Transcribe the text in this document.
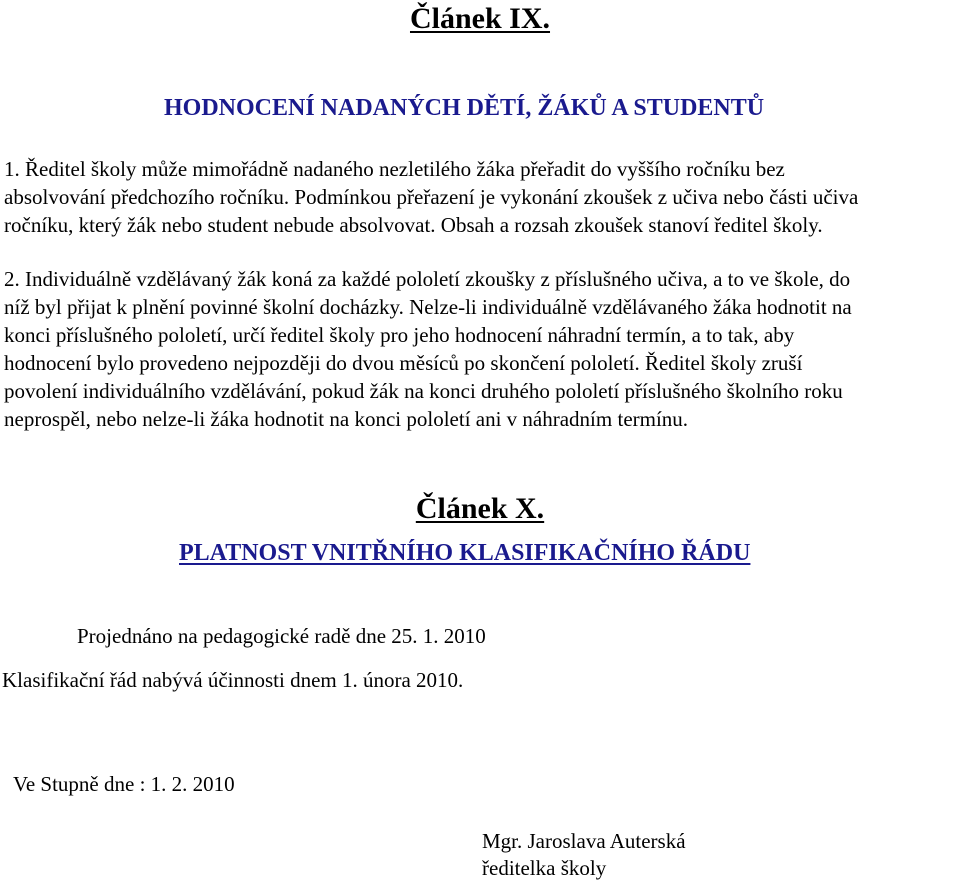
Článek IX.
HODNOCENÍ NADANÝCH DĚTÍ, ŽÁKŮ A STUDENTŮ
1. Ředitel školy může mimořádně nadaného nezletilého žáka přeřadit do vyššího ročníku bez
absolvování předchozího ročníku. Podmínkou přeřazení je vykonání zkoušek z učiva nebo části učiva
ročníku, který žák nebo student nebude absolvovat. Obsah a rozsah zkoušek stanoví ředitel školy.
2. Individuálně vzdělávaný žák koná za každé pololetí zkoušky z příslušného učiva, a to ve škole, do
níž byl přijat k plnění povinné školní docházky. Nelze-li individuálně vzdělávaného žáka hodnotit na
konci příslušného pololetí, určí ředitel školy pro jeho hodnocení náhradní termín, a to tak, aby
hodnocení bylo provedeno nejpozději do dvou měsíců po skončení pololetí. Ředitel školy zruší
povolení individuálního vzdělávání, pokud žák na konci druhého pololetí příslušného školního roku
neprospěl, nebo nelze-li žáka hodnotit na konci pololetí ani v náhradním termínu.
Článek X.
PLATNOST VNITŘNÍHO KLASIFIKAČNÍHO ŘÁDU
Projednáno na pedagogické radě dne 25. 1. 2010
Klasifikační řád nabývá účinnosti dnem 1. února 2010.
Ve Stupně dne : 1. 2. 2010
Mgr. Jaroslava Auterská
ředitelka školy
